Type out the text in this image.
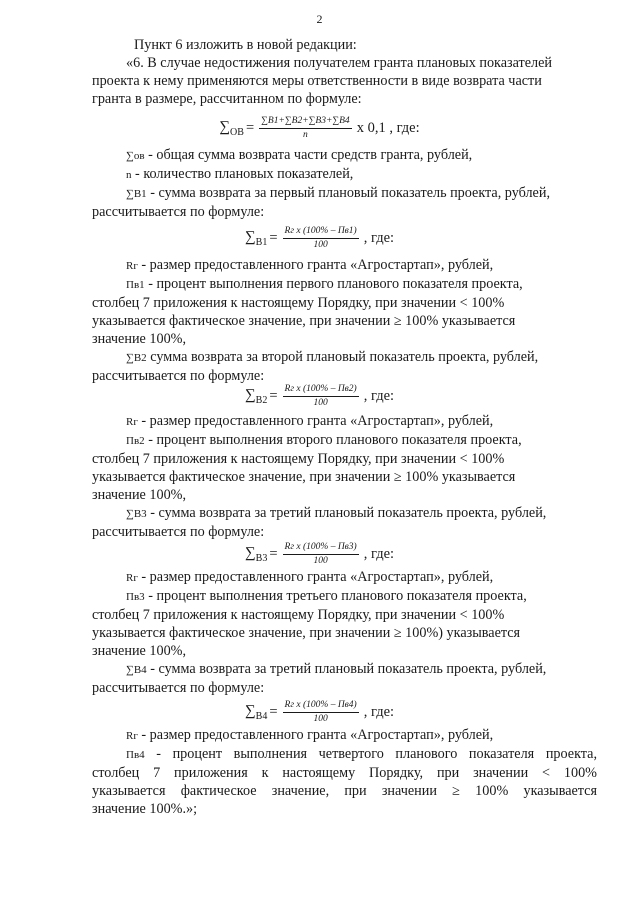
2
Пункт 6 изложить в новой редакции:
«6. В случае недостижения получателем гранта плановых показателей
проекта к нему применяются меры ответственности в виде возврата части
гранта в размере, рассчитанном по формуле:
$\sum_{ОВ} = \frac{\sum В1+\sum В2+\sum В3+\sum В4}{n}$ x 0,1 , где:
∑ов - общая сумма возврата части средств гранта, рублей,
n - количество плановых показателей,
∑В1 - сумма возврата за первый плановый показатель проекта, рублей,
рассчитывается по формуле:
$\sum_{В1} = \frac{\text{Rг x (100\% – Пв1)}}{100}$ , где:
Rг - размер предоставленного гранта «Агростартап», рублей,
Пв1 - процент выполнения первого планового показателя проекта,
столбец 7 приложения к настоящему Порядку, при значении < 100%
указывается фактическое значение, при значении ≥ 100% указывается
значение 100%,
∑В2 сумма возврата за второй плановый показатель проекта, рублей,
рассчитывается по формуле:
$\sum_{В2} = \frac{\text{Rг x (100\% – Пв2)}}{100}$ , где:
Rг - размер предоставленного гранта «Агростартап», рублей,
Пв2 - процент выполнения второго планового показателя проекта,
столбец 7 приложения к настоящему Порядку, при значении < 100%
указывается фактическое значение, при значении ≥ 100% указывается
значение 100%,
∑В3 - сумма возврата за третий плановый показатель проекта, рублей,
рассчитывается по формуле:
$\sum_{В3} = \frac{\text{Rг x (100\% – Пв3)}}{100}$ , где:
Rг - размер предоставленного гранта «Агростартап», рублей,
Пв3 - процент выполнения третьего планового показателя проекта,
столбец 7 приложения к настоящему Порядку, при значении < 100%
указывается фактическое значение, при значении ≥ 100%) указывается
значение 100%,
∑В4 - сумма возврата за третий плановый показатель проекта, рублей,
рассчитывается по формуле:
$\sum_{В4} = \frac{\text{Rг x (100\% – Пв4)}}{100}$ , где:
Rг - размер предоставленного гранта «Агростартап», рублей,
Пв4 - процент выполнения четвертого планового показателя проекта,
столбец 7 приложения к настоящему Порядку, при значении < 100%
указывается фактическое значение, при значении ≥ 100% указывается
значение 100%.»;
